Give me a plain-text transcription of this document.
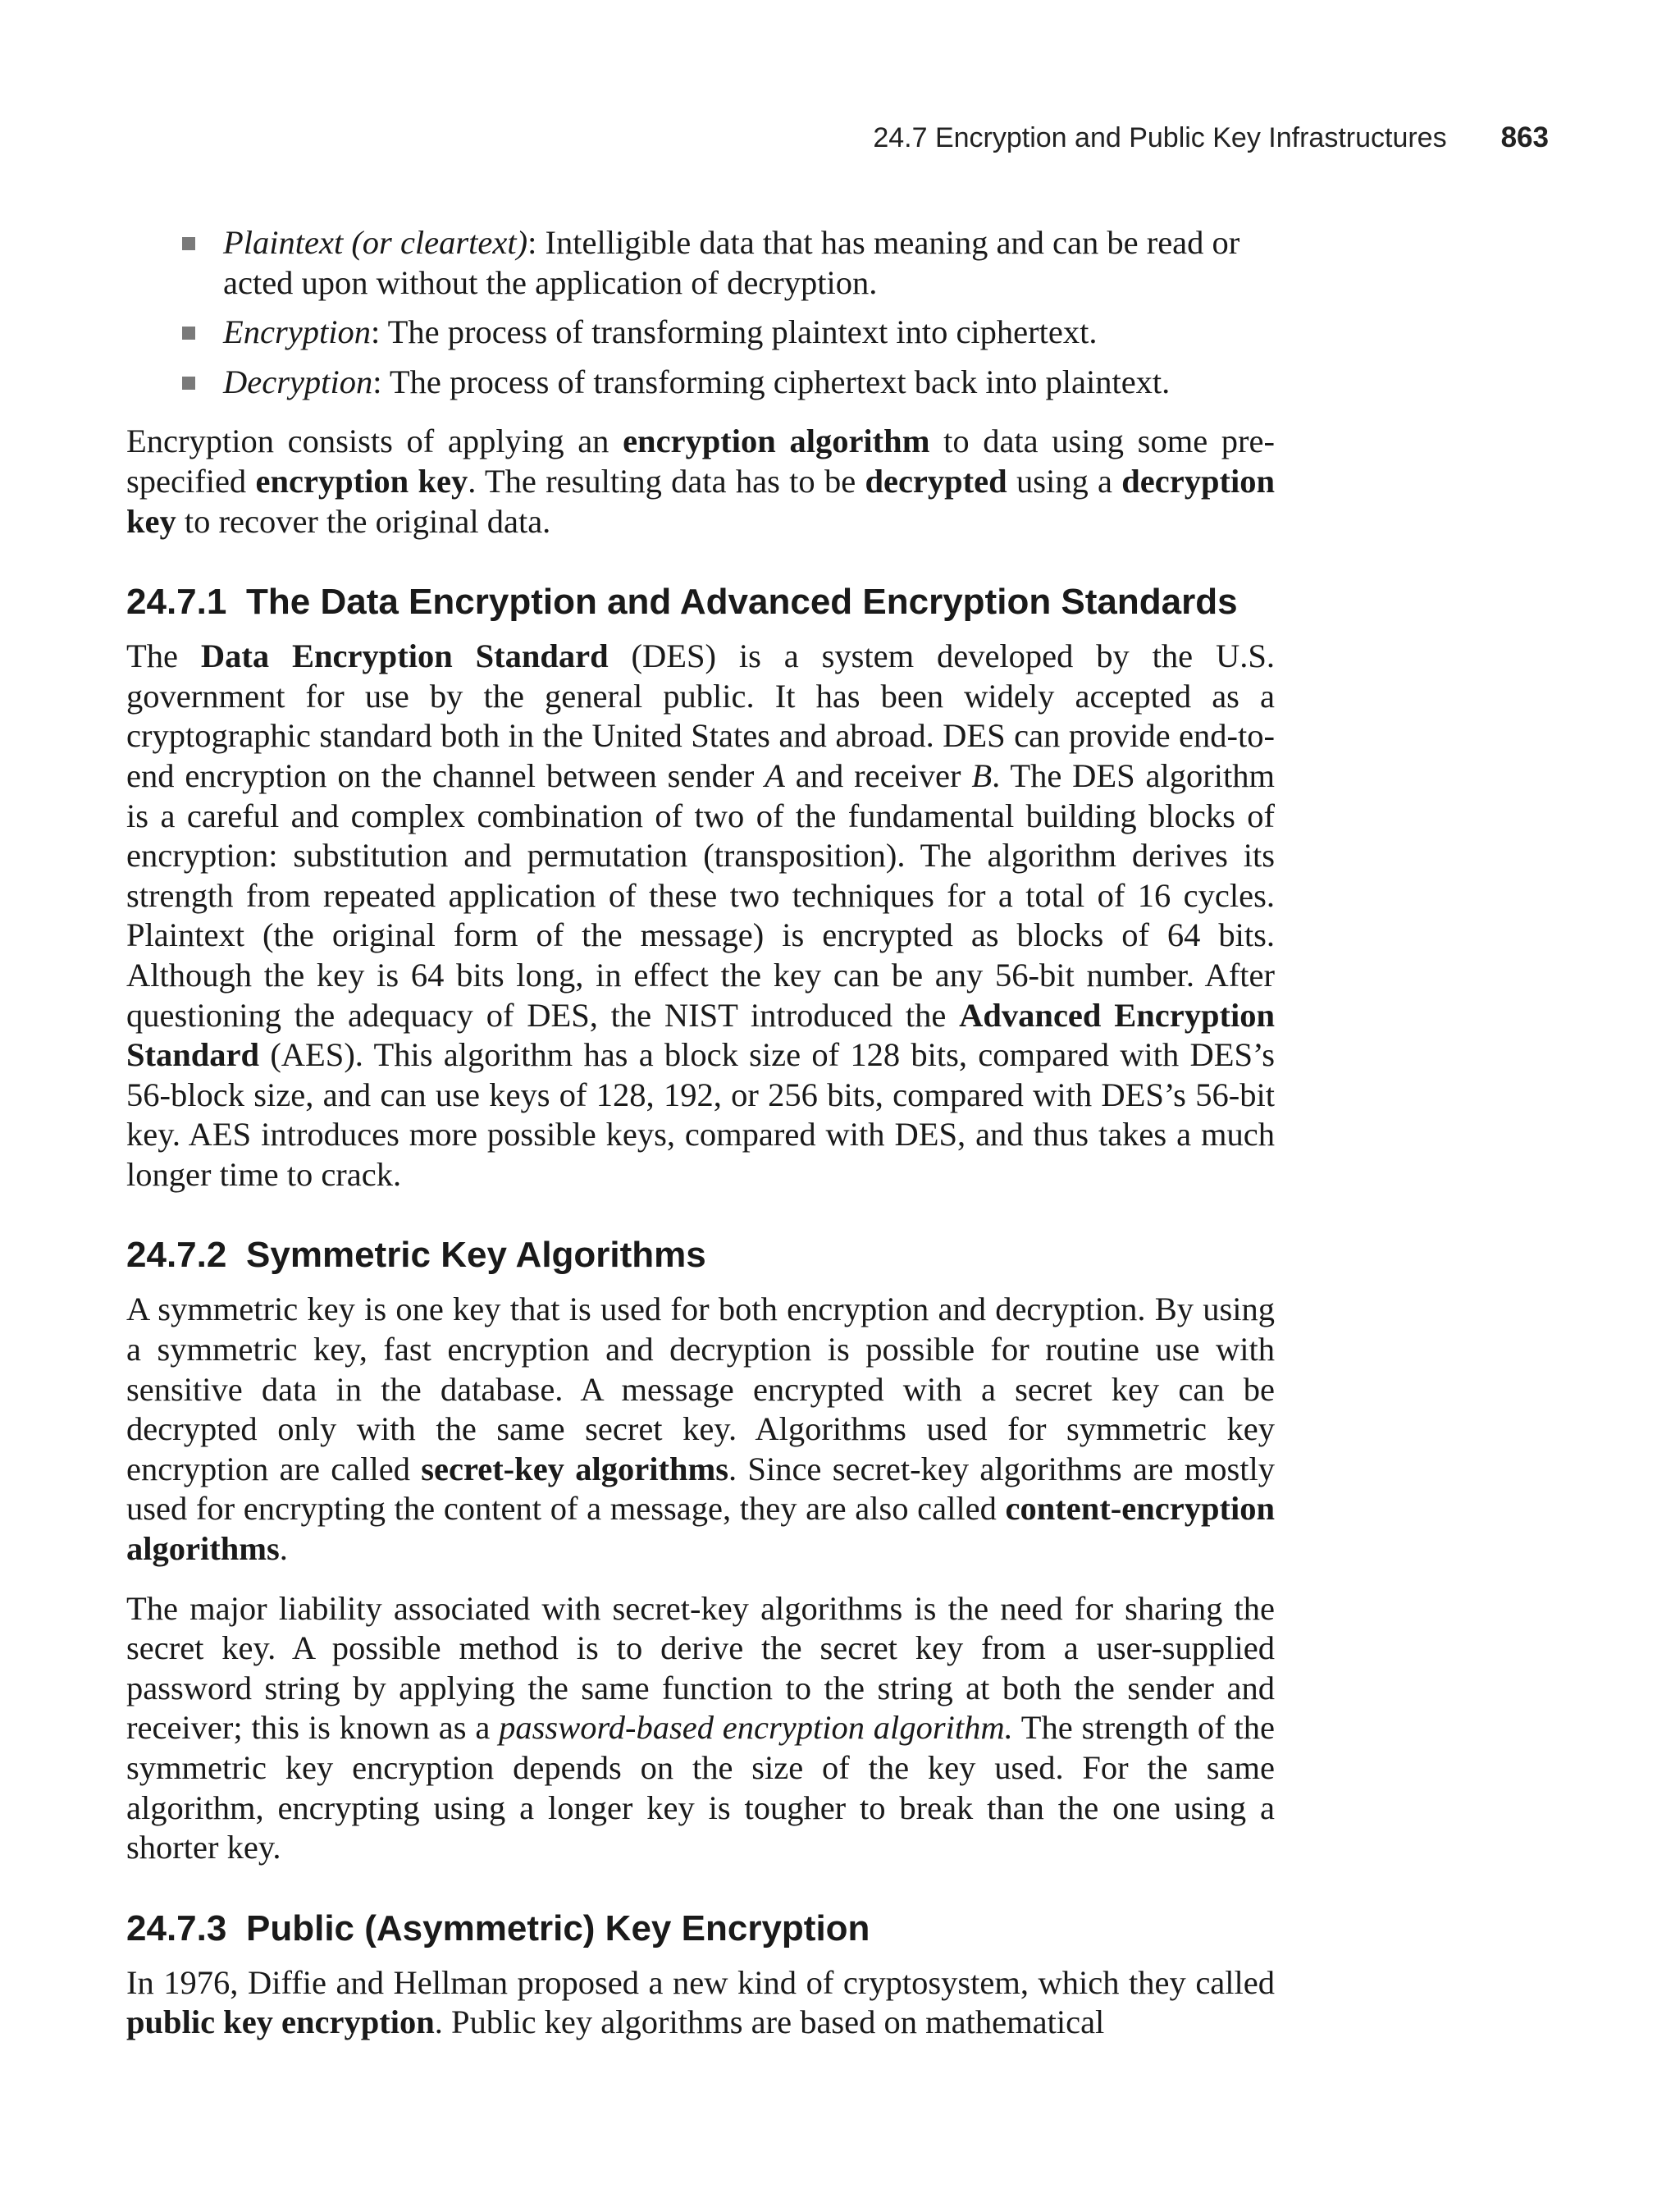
24.7 Encryption and Public Key Infrastructures 863
Plaintext (or cleartext): Intelligible data that has meaning and can be read or acted upon without the application of decryption.
Encryption: The process of transforming plaintext into ciphertext.
Decryption: The process of transforming ciphertext back into plaintext.

Encryption consists of applying an encryption algorithm to data using some pre-specified encryption key. The resulting data has to be decrypted using a decryption key to recover the original data.

24.7.1 The Data Encryption and Advanced Encryption Standards

The Data Encryption Standard (DES) is a system developed by the U.S. government for use by the general public. It has been widely accepted as a cryptographic standard both in the United States and abroad. DES can provide end-to-end encryption on the channel between sender A and receiver B. The DES algorithm is a careful and complex combination of two of the fundamental building blocks of encryption: substitution and permutation (transposition). The algorithm derives its strength from repeated application of these two techniques for a total of 16 cycles. Plaintext (the original form of the message) is encrypted as blocks of 64 bits. Although the key is 64 bits long, in effect the key can be any 56-bit number. After questioning the adequacy of DES, the NIST introduced the Advanced Encryption Standard (AES). This algorithm has a block size of 128 bits, compared with DES’s 56-block size, and can use keys of 128, 192, or 256 bits, compared with DES’s 56-bit key. AES introduces more possible keys, compared with DES, and thus takes a much longer time to crack.

24.7.2 Symmetric Key Algorithms

A symmetric key is one key that is used for both encryption and decryption. By using a symmetric key, fast encryption and decryption is possible for routine use with sensitive data in the database. A message encrypted with a secret key can be decrypted only with the same secret key. Algorithms used for symmetric key encryption are called secret-key algorithms. Since secret-key algorithms are mostly used for encrypting the content of a message, they are also called content-encryption algorithms.

The major liability associated with secret-key algorithms is the need for sharing the secret key. A possible method is to derive the secret key from a user-supplied password string by applying the same function to the string at both the sender and receiver; this is known as a password-based encryption algorithm. The strength of the symmetric key encryption depends on the size of the key used. For the same algorithm, encrypting using a longer key is tougher to break than the one using a shorter key.

24.7.3 Public (Asymmetric) Key Encryption

In 1976, Diffie and Hellman proposed a new kind of cryptosystem, which they called public key encryption. Public key algorithms are based on mathematical
